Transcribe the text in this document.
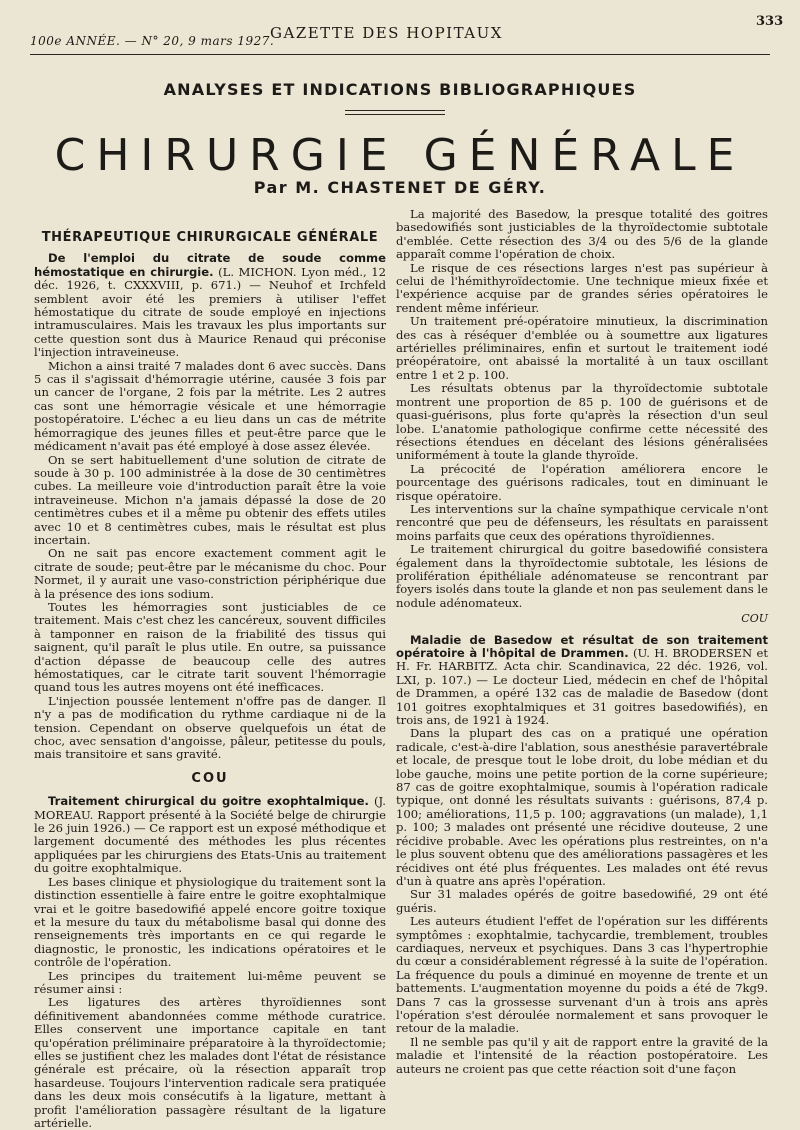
100e ANNÉE. — N° 20, 9 mars 1927.
GAZETTE DES HOPITAUX
333
ANALYSES ET INDICATIONS BIBLIOGRAPHIQUES
CHIRURGIE GÉNÉRALE
Par M. CHASTENET DE GÉRY.
THÉRAPEUTIQUE CHIRURGICALE GÉNÉRALE

De l'emploi du citrate de soude comme hémostatique en chirurgie. (L. MICHON. Lyon méd., 12 déc. 1926, t. CXXXVIII, p. 671.) — Neuhof et Irchfeld semblent avoir été les premiers à utiliser l'effet hémostatique du citrate de soude employé en injections intramusculaires. Mais les travaux les plus importants sur cette question sont dus à Maurice Renaud qui préconise l'injection intraveineuse.

Michon a ainsi traité 7 malades dont 6 avec succès. Dans 5 cas il s'agissait d'hémorragie utérine, causée 3 fois par un cancer de l'organe, 2 fois par la métrite. Les 2 autres cas sont une hémorragie vésicale et une hémorragie postopératoire. L'échec a eu lieu dans un cas de métrite hémorragique des jeunes filles et peut-être parce que le médicament n'avait pas été employé à dose assez élevée.

On se sert habituellement d'une solution de citrate de soude à 30 p. 100 administrée à la dose de 30 centimètres cubes. La meilleure voie d'introduction paraît être la voie intraveineuse. Michon n'a jamais dépassé la dose de 20 centimètres cubes et il a même pu obtenir des effets utiles avec 10 et 8 centimètres cubes, mais le résultat est plus incertain.

On ne sait pas encore exactement comment agit le citrate de soude; peut-être par le mécanisme du choc. Pour Normet, il y aurait une vaso-constriction périphérique due à la présence des ions sodium.

Toutes les hémorragies sont justiciables de ce traitement. Mais c'est chez les cancéreux, souvent difficiles à tamponner en raison de la friabilité des tissus qui saignent, qu'il paraît le plus utile. En outre, sa puissance d'action dépasse de beaucoup celle des autres hémostatiques, car le citrate tarit souvent l'hémorragie quand tous les autres moyens ont été inefficaces.

L'injection poussée lentement n'offre pas de danger. Il n'y a pas de modification du rythme cardiaque ni de la tension. Cependant on observe quelquefois un état de choc, avec sensation d'angoisse, pâleur, petitesse du pouls, mais transitoire et sans gravité.

COU

Traitement chirurgical du goitre exophtalmique. (J. MOREAU. Rapport présenté à la Société belge de chirurgie le 26 juin 1926.) — Ce rapport est un exposé méthodique et largement documenté des méthodes les plus récentes appliquées par les chirurgiens des Etats-Unis au traitement du goitre exophtalmique.

Les bases clinique et physiologique du traitement sont la distinction essentielle à faire entre le goitre exophtalmique vrai et le goitre basedowifié appelé encore goitre toxique et la mesure du taux du métabolisme basal qui donne des renseignements très importants en ce qui regarde le diagnostic, le pronostic, les indications opératoires et le contrôle de l'opération.

Les principes du traitement lui-même peuvent se résumer ainsi :

Les ligatures des artères thyroïdiennes sont définitivement abandonnées comme méthode curatrice. Elles conservent une importance capitale en tant qu'opération préliminaire préparatoire à la thyroïdectomie; elles se justifient chez les malades dont l'état de résistance générale est précaire, où la résection apparaît trop hasardeuse. Toujours l'intervention radicale sera pratiquée dans les deux mois consécutifs à la ligature, mettant à profit l'amélioration passagère résultant de la ligature artérielle.

La majorité des Basedow, la presque totalité des goitres basedowifiés sont justiciables de la thyroïdectomie subtotale d'emblée. Cette résection des 3/4 ou des 5/6 de la glande apparaît comme l'opération de choix.

Le risque de ces résections larges n'est pas supérieur à celui de l'hémithyroïdectomie. Une technique mieux fixée et l'expérience acquise par de grandes séries opératoires le rendent même inférieur.

Un traitement pré-opératoire minutieux, la discrimination des cas à réséquer d'emblée ou à soumettre aux ligatures artérielles préliminaires, enfin et surtout le traitement iodé préopératoire, ont abaissé la mortalité à un taux oscillant entre 1 et 2 p. 100.

Les résultats obtenus par la thyroïdectomie subtotale montrent une proportion de 85 p. 100 de guérisons et de quasi-guérisons, plus forte qu'après la résection d'un seul lobe. L'anatomie pathologique confirme cette nécessité des résections étendues en décelant des lésions généralisées uniformément à toute la glande thyroïde.

La précocité de l'opération améliorera encore le pourcentage des guérisons radicales, tout en diminuant le risque opératoire.

Les interventions sur la chaîne sympathique cervicale n'ont rencontré que peu de défenseurs, les résultats en paraissent moins parfaits que ceux des opérations thyroïdiennes.

Le traitement chirurgical du goitre basedowifié consistera également dans la thyroïdectomie subtotale, les lésions de prolifération épithéliale adénomateuse se rencontrant par foyers isolés dans toute la glande et non pas seulement dans le nodule adénomateux.

COU

Maladie de Basedow et résultat de son traitement opératoire à l'hôpital de Drammen. (U. H. BRODERSEN et H. Fr. HARBITZ. Acta chir. Scandinavica, 22 déc. 1926, vol. LXI, p. 107.) — Le docteur Lied, médecin en chef de l'hôpital de Drammen, a opéré 132 cas de maladie de Basedow (dont 101 goitres exophtalmiques et 31 goitres basedowifiés), en trois ans, de 1921 à 1924.

Dans la plupart des cas on a pratiqué une opération radicale, c'est-à-dire l'ablation, sous anesthésie paravertébrale et locale, de presque tout le lobe droit, du lobe médian et du lobe gauche, moins une petite portion de la corne supérieure; 87 cas de goitre exophtalmique, soumis à l'opération radicale typique, ont donné les résultats suivants : guérisons, 87,4 p. 100; améliorations, 11,5 p. 100; aggravations (un malade), 1,1 p. 100; 3 malades ont présenté une récidive douteuse, 2 une récidive probable. Avec les opérations plus restreintes, on n'a le plus souvent obtenu que des améliorations passagères et les récidives ont été plus fréquentes. Les malades ont été revus d'un à quatre ans après l'opération.

Sur 31 malades opérés de goitre basedowifié, 29 ont été guéris.

Les auteurs étudient l'effet de l'opération sur les différents symptômes : exophtalmie, tachycardie, tremblement, troubles cardiaques, nerveux et psychiques. Dans 3 cas l'hypertrophie du cœur a considérablement régressé à la suite de l'opération. La fréquence du pouls a diminué en moyenne de trente et un battements. L'augmentation moyenne du poids a été de 7kg9. Dans 7 cas la grossesse survenant d'un à trois ans après l'opération s'est déroulée normalement et sans provoquer le retour de la maladie.

Il ne semble pas qu'il y ait de rapport entre la gravité de la maladie et l'intensité de la réaction postopératoire. Les auteurs ne croient pas que cette réaction soit d'une façon
